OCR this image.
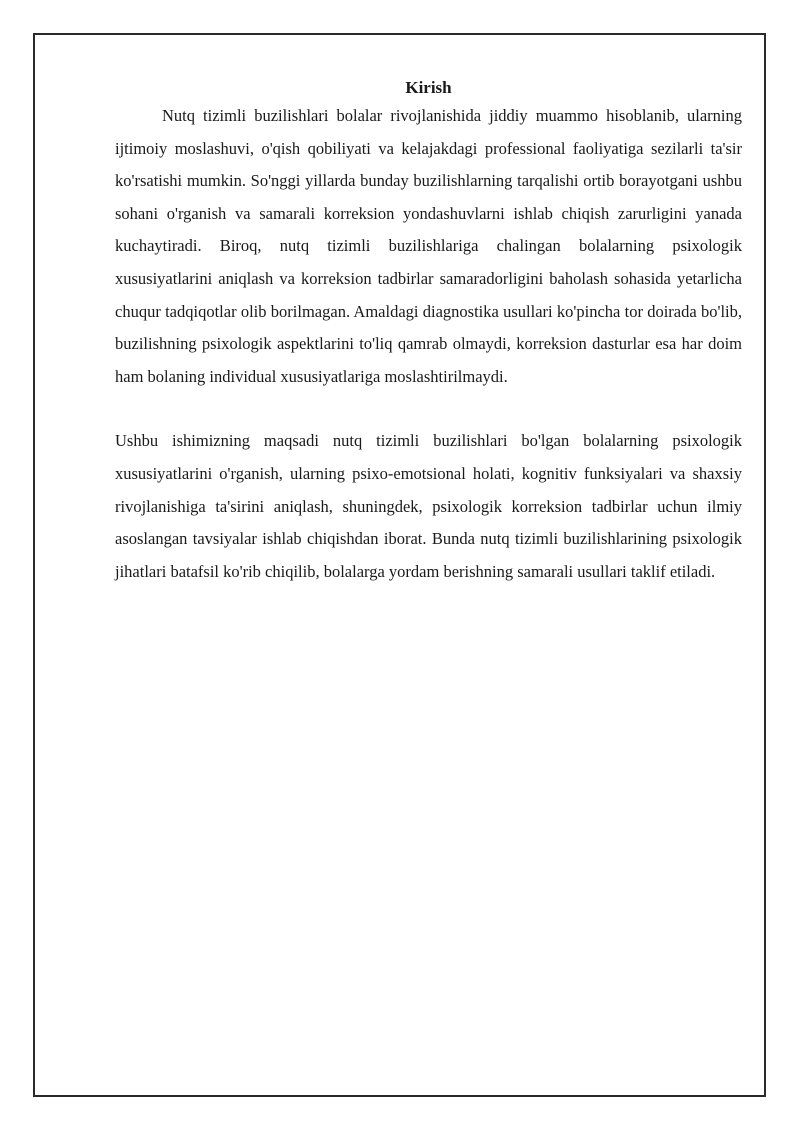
Kirish

Nutq tizimli buzilishlari bolalar rivojlanishida jiddiy muammo hisoblanib, ularning ijtimoiy moslashuvi, o'qish qobiliyati va kelajakdagi professional faoliyatiga sezilarli ta'sir ko'rsatishi mumkin. So'nggi yillarda bunday buzilishlarning tarqalishi ortib borayotgani ushbu sohani o'rganish va samarali korreksion yondashuvlarni ishlab chiqish zarurligini yanada kuchaytiradi. Biroq, nutq tizimli buzilishlariga chalingan bolalarning psixologik xususiyatlarini aniqlash va korreksion tadbirlar samaradorligini baholash sohasida yetarlicha chuqur tadqiqotlar olib borilmagan. Amaldagi diagnostika usullari ko'pincha tor doirada bo'lib, buzilishning psixologik aspektlarini to'liq qamrab olmaydi, korreksion dasturlar esa har doim ham bolaning individual xususiyatlariga moslashtirilmaydi.

Ushbu ishimizning maqsadi nutq tizimli buzilishlari bo'lgan bolalarning psixologik xususiyatlarini o'rganish, ularning psixo-emotsional holati, kognitiv funksiyalari va shaxsiy rivojlanishiga ta'sirini aniqlash, shuningdek, psixologik korreksion tadbirlar uchun ilmiy asoslangan tavsiyalar ishlab chiqishdan iborat. Bunda nutq tizimli buzilishlarining psixologik jihatlari batafsil ko'rib chiqilib, bolalarga yordam berishning samarali usullari taklif etiladi.
